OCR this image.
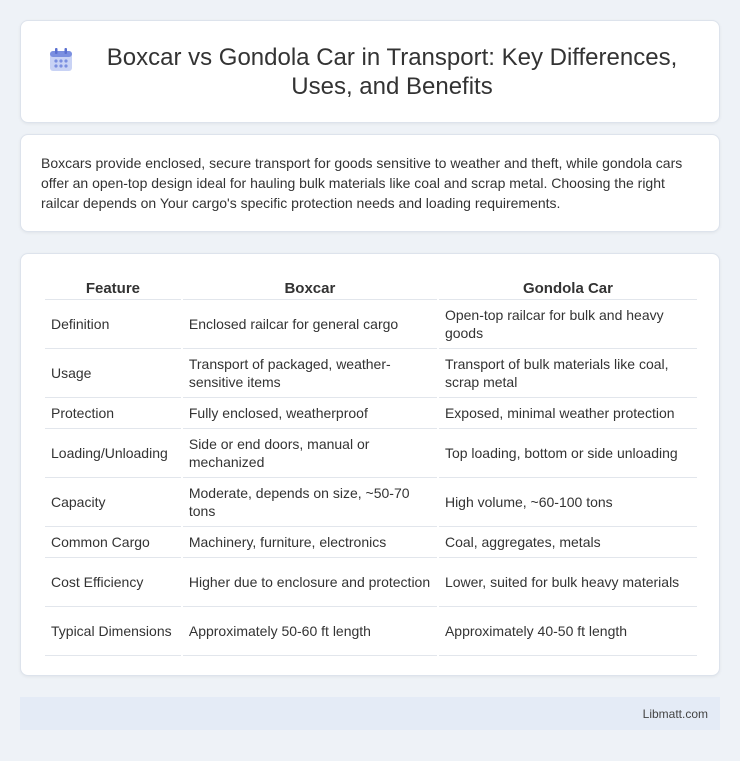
Boxcar vs Gondola Car in Transport: Key Differences, Uses, and Benefits

Boxcars provide enclosed, secure transport for goods sensitive to weather and theft, while gondola cars offer an open-top design ideal for hauling bulk materials like coal and scrap metal. Choosing the right railcar depends on Your cargo's specific protection needs and loading requirements.

Feature	Boxcar	Gondola Car
Definition	Enclosed railcar for general cargo	Open-top railcar for bulk and heavy goods
Usage	Transport of packaged, weather-sensitive items	Transport of bulk materials like coal, scrap metal
Protection	Fully enclosed, weatherproof	Exposed, minimal weather protection
Loading/Unloading	Side or end doors, manual or mechanized	Top loading, bottom or side unloading
Capacity	Moderate, depends on size, ~50-70 tons	High volume, ~60-100 tons
Common Cargo	Machinery, furniture, electronics	Coal, aggregates, metals
Cost Efficiency	Higher due to enclosure and protection	Lower, suited for bulk heavy materials
Typical Dimensions	Approximately 50-60 ft length	Approximately 40-50 ft length
Libmatt.com
